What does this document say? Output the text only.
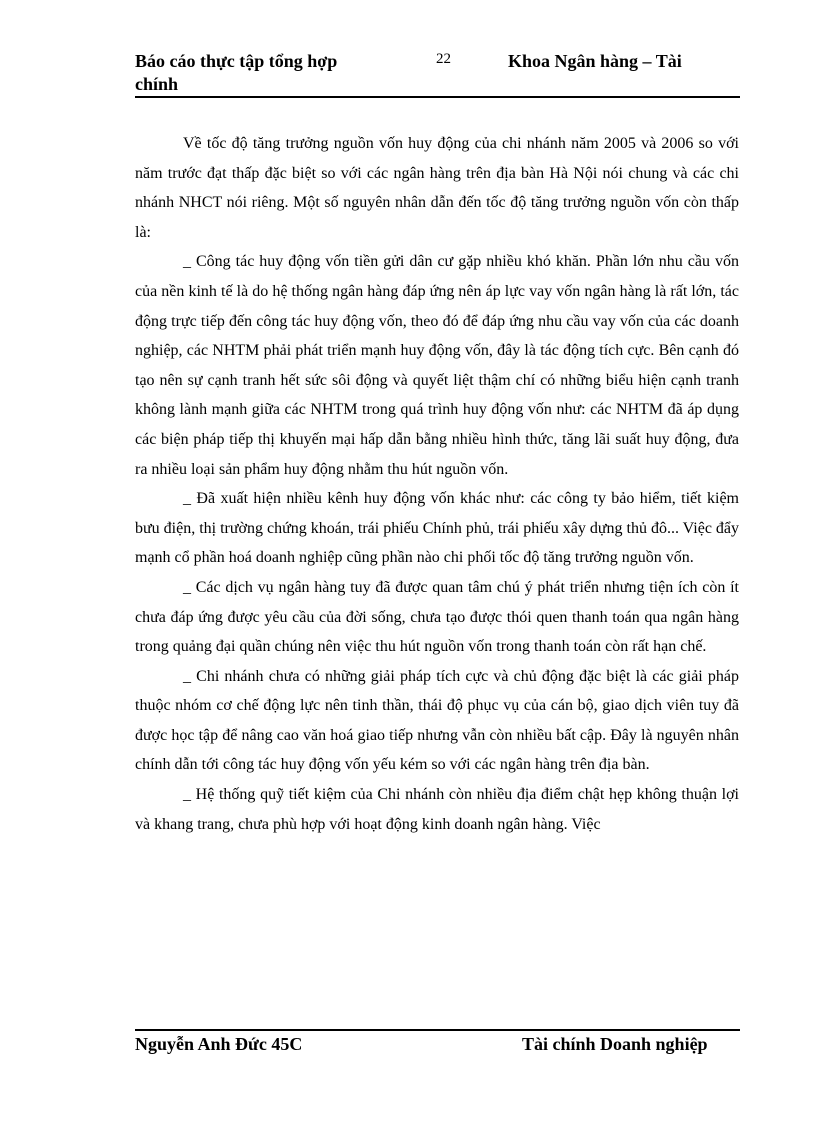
Báo cáo thực tập tổng hợp chính
22	Khoa Ngân hàng – Tài

Về tốc độ tăng trưởng nguồn vốn huy động của chi nhánh năm 2005 và 2006 so với năm trước đạt thấp đặc biệt so với các ngân hàng trên địa bàn Hà Nội nói chung và các chi nhánh NHCT nói riêng. Một số nguyên nhân dẫn đến tốc độ tăng trưởng nguồn vốn còn thấp là:

_ Công tác huy động vốn tiền gửi dân cư gặp nhiều khó khăn. Phần lớn nhu cầu vốn của nền kinh tế là do hệ thống ngân hàng đáp ứng nên áp lực vay vốn ngân hàng là rất lớn, tác động trực tiếp đến công tác huy động vốn, theo đó để đáp ứng nhu cầu vay vốn của các doanh nghiệp, các NHTM phải phát triển mạnh huy động vốn, đây là tác động tích cực. Bên cạnh đó tạo nên sự cạnh tranh hết sức sôi động và quyết liệt thậm chí có những biểu hiện cạnh tranh không lành mạnh giữa các NHTM trong quá trình huy động vốn như: các NHTM đã áp dụng các biện pháp tiếp thị khuyến mại hấp dẫn bằng nhiều hình thức, tăng lãi suất huy động, đưa ra nhiều loại sản phẩm huy động nhằm thu hút nguồn vốn.

_ Đã xuất hiện nhiều kênh huy động vốn khác như: các công ty bảo hiểm, tiết kiệm bưu điện, thị trường chứng khoán, trái phiếu Chính phủ, trái phiếu xây dựng thủ đô... Việc đẩy mạnh cổ phần hoá doanh nghiệp cũng phần nào chi phối tốc độ tăng trưởng nguồn vốn.

_ Các dịch vụ ngân hàng tuy đã được quan tâm chú ý phát triển nhưng tiện ích còn ít chưa đáp ứng được yêu cầu của đời sống, chưa tạo được thói quen thanh toán qua ngân hàng trong quảng đại quần chúng nên việc thu hút nguồn vốn trong thanh toán còn rất hạn chế.

_ Chi nhánh chưa có những giải pháp tích cực và chủ động đặc biệt là các giải pháp thuộc nhóm cơ chế động lực nên tinh thần, thái độ phục vụ của cán bộ, giao dịch viên tuy đã được học tập để nâng cao văn hoá giao tiếp nhưng vẫn còn nhiều bất cập. Đây là nguyên nhân chính dẫn tới công tác huy động vốn yếu kém so với các ngân hàng trên địa bàn.

_ Hệ thống quỹ tiết kiệm của Chi nhánh còn nhiều địa điểm chật hẹp không thuận lợi và khang trang, chưa phù hợp với hoạt động kinh doanh ngân hàng. Việc

Nguyễn Anh Đức 45C	Tài chính Doanh nghiệp
